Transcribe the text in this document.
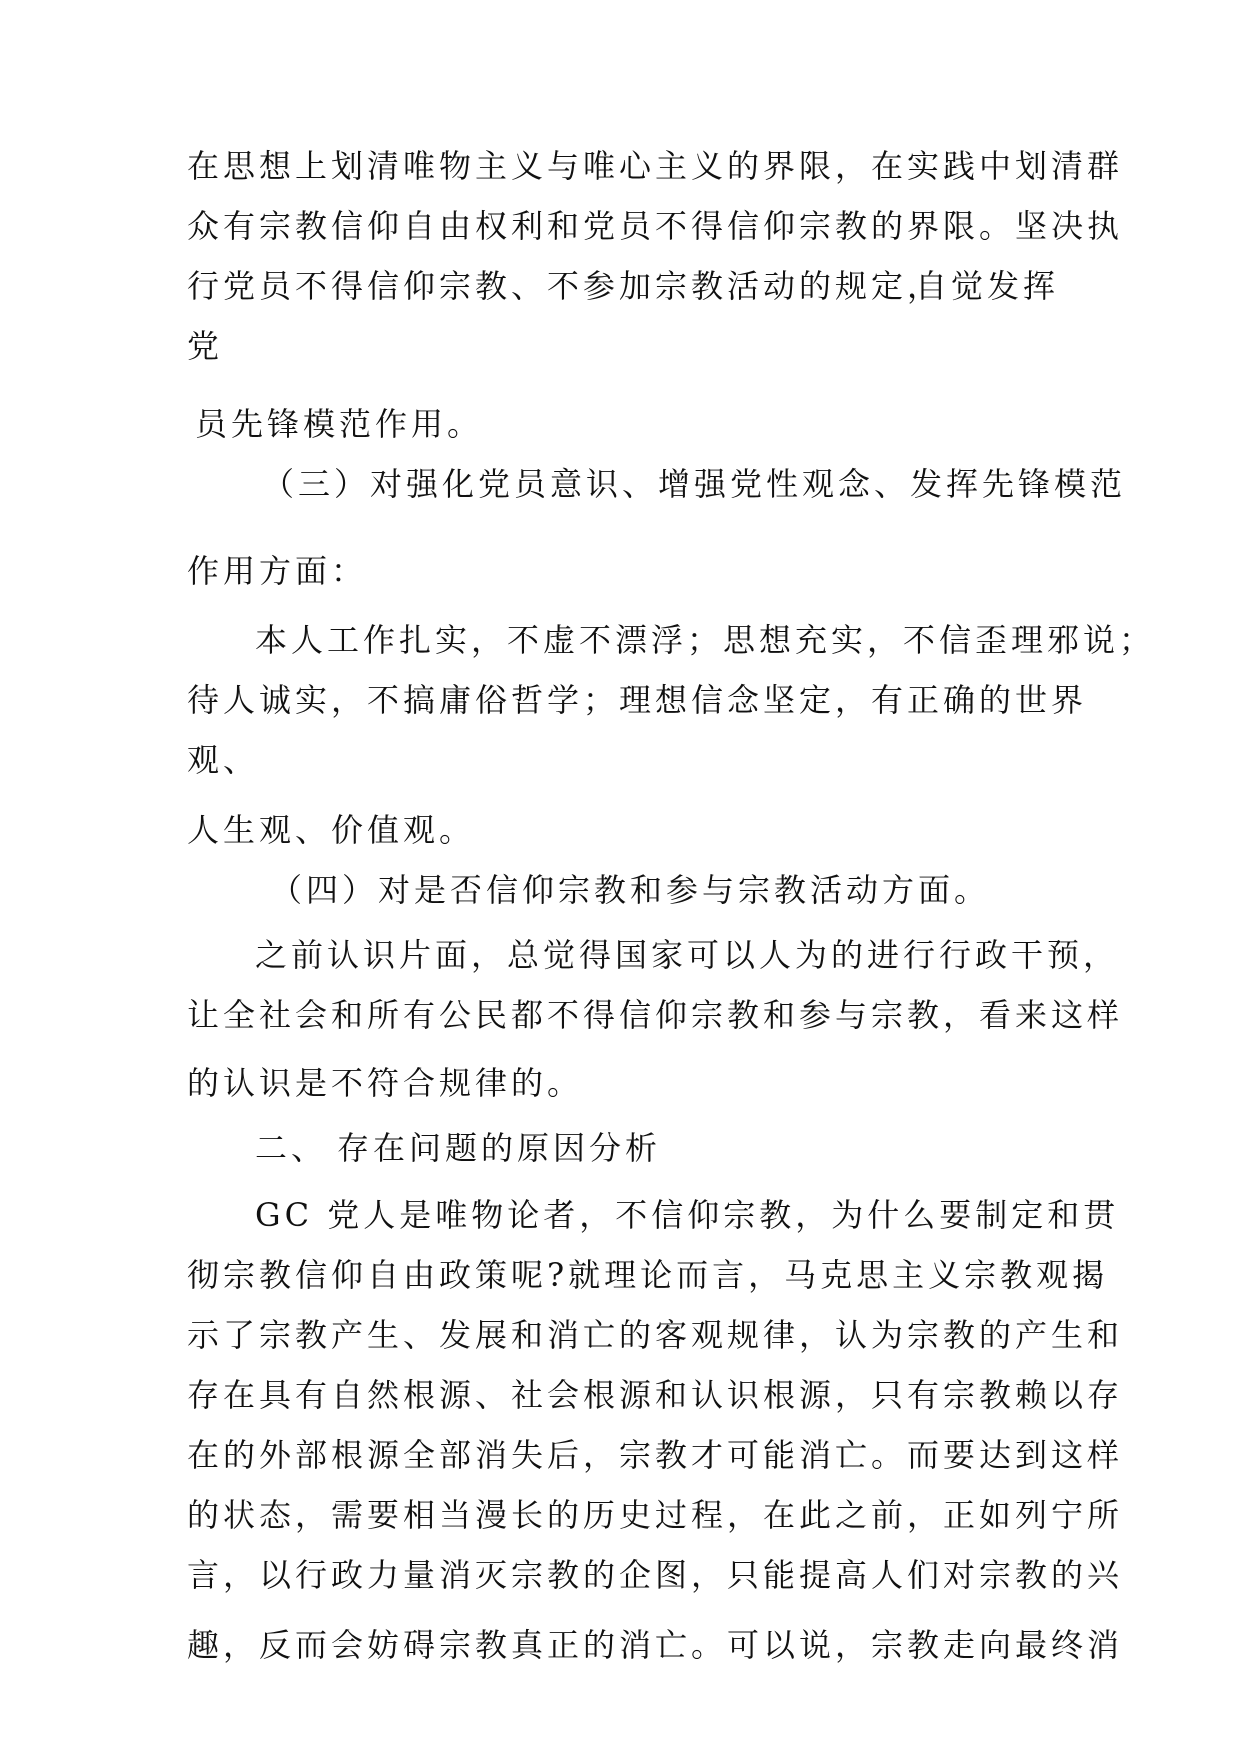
在思想上划清唯物主义与唯心主义的界限，在实践中划清群
众有宗教信仰自由权利和党员不得信仰宗教的界限。坚决执
行党员不得信仰宗教、不参加宗教活动的规定，
自觉发挥
党
员先锋模范作用。
（三）对强化党员意识、增强党性观念、发挥先锋模范
作用方面：
本人工作扎实，不虚不漂浮；思想充实，不信歪理邪说；
待人诚实，不搞庸俗哲学；理想信念坚定，有正确的世界
观、
人生观、价值观。
（四）对是否信仰宗教和参与宗教活动方面。
之前认识片面，总觉得国家可以人为的进行行政干预，
让全社会和所有公民都不得信仰宗教和参与宗教，看来这样
的认识是不符合规律的。
二、 存在问题的原因分析
GC 党人是唯物论者，不信仰宗教，为什么要制定和贯
彻宗教信仰自由政策呢?就理论而言，马克思主义宗教观揭
示了宗教产生、发展和消亡的客观规律，认为宗教的产生和
存在具有自然根源、社会根源和认识根源，只有宗教赖以存
在的外部根源全部消失后，宗教才可能消亡。而要达到这样
的状态，需要相当漫长的历史过程，在此之前，正如列宁所
言，以行政力量消灭宗教的企图，只能提高人们对宗教的兴
趣，反而会妨碍宗教真正的消亡。可以说，宗教走向最终消
